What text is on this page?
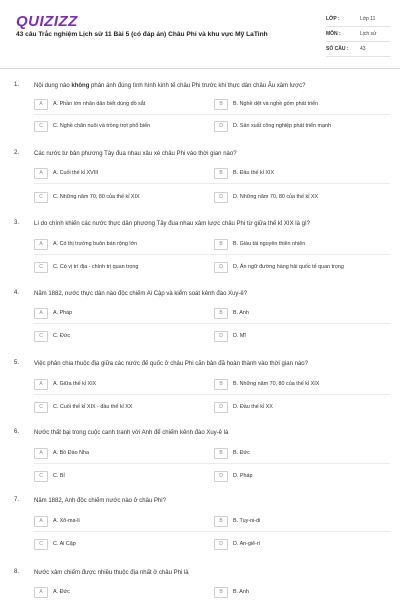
QUIZIZZ
43 câu Trắc nghiệm Lịch sử 11 Bài 5 (có đáp án) Châu Phi và khu vực Mỹ LaTinh
LỚP :	Lớp 11
MÔN :	Lịch sử
SỐ CÂU :	43
1. Nội dung nào không phản ánh đúng tình hình kinh tế châu Phi trước khi thực dân châu Âu xâm lược?
A	A. Phần lớn nhân dân biết dùng đồ sắt	B	B. Nghề dệt và nghề gốm phát triển
C	C. Nghề chăn nuôi và trồng trọt phổ biến	D	D. Sản xuất công nghiệp phát triển mạnh
2. Các nước tư bản phương Tây đua nhau xâu xé châu Phi vào thời gian nào?
A	A. Cuối thế kỉ XVIII	B	B. Đầu thế kỉ XIX
C	C. Những năm 70, 80 của thế kỉ XIX	D	D. Những năm 70, 80 của thế kỉ XX
3. Lí do chính khiến các nước thực dân phương Tây đua nhau xâm lược châu Phi từ giữa thế kỉ XIX là gì?
A	A. Có thị trường buôn bán rộng lớn	B	B. Giàu tài nguyên thiên nhiên
C	C. Có vị trí địa - chính trị quan trọng	D	D. Án ngữ đường hàng hải quốc tế quan trọng
4. Năm 1882, nước thực dân nào độc chiếm Ai Cập và kiểm soát kênh đào Xuy-ê?
A	A. Pháp	B	B. Anh
C	C. Đức	D	D. Mĩ
5. Việc phân chia thuộc địa giữa các nước đế quốc ở châu Phi căn bản đã hoàn thành vào thời gian nào?
A	A. Giữa thế kỉ XIX	B	B. Những năm 70, 80 của thế kỉ XIX
C	C. Cuối thế kỉ XIX - đầu thế kỉ XX	D	D. Đầu thế kỉ XX
6. Nước thất bại trong cuộc canh tranh với Anh để chiếm kênh đào Xuy-ê là
A	A. Bồ Đào Nha	B	B. Đức
C	C. Bỉ	D	D. Pháp
7. Năm 1882, Anh độc chiếm nước nào ở châu Phi?
A	A. Xô-ma-li	B	B. Tuy-ni-di
C	C. Ai Cập	D	D. An-giê-ri
8. Nước xâm chiếm được nhiều thuộc địa nhất ở châu Phi là
A	A. Đức	B	B. Anh
